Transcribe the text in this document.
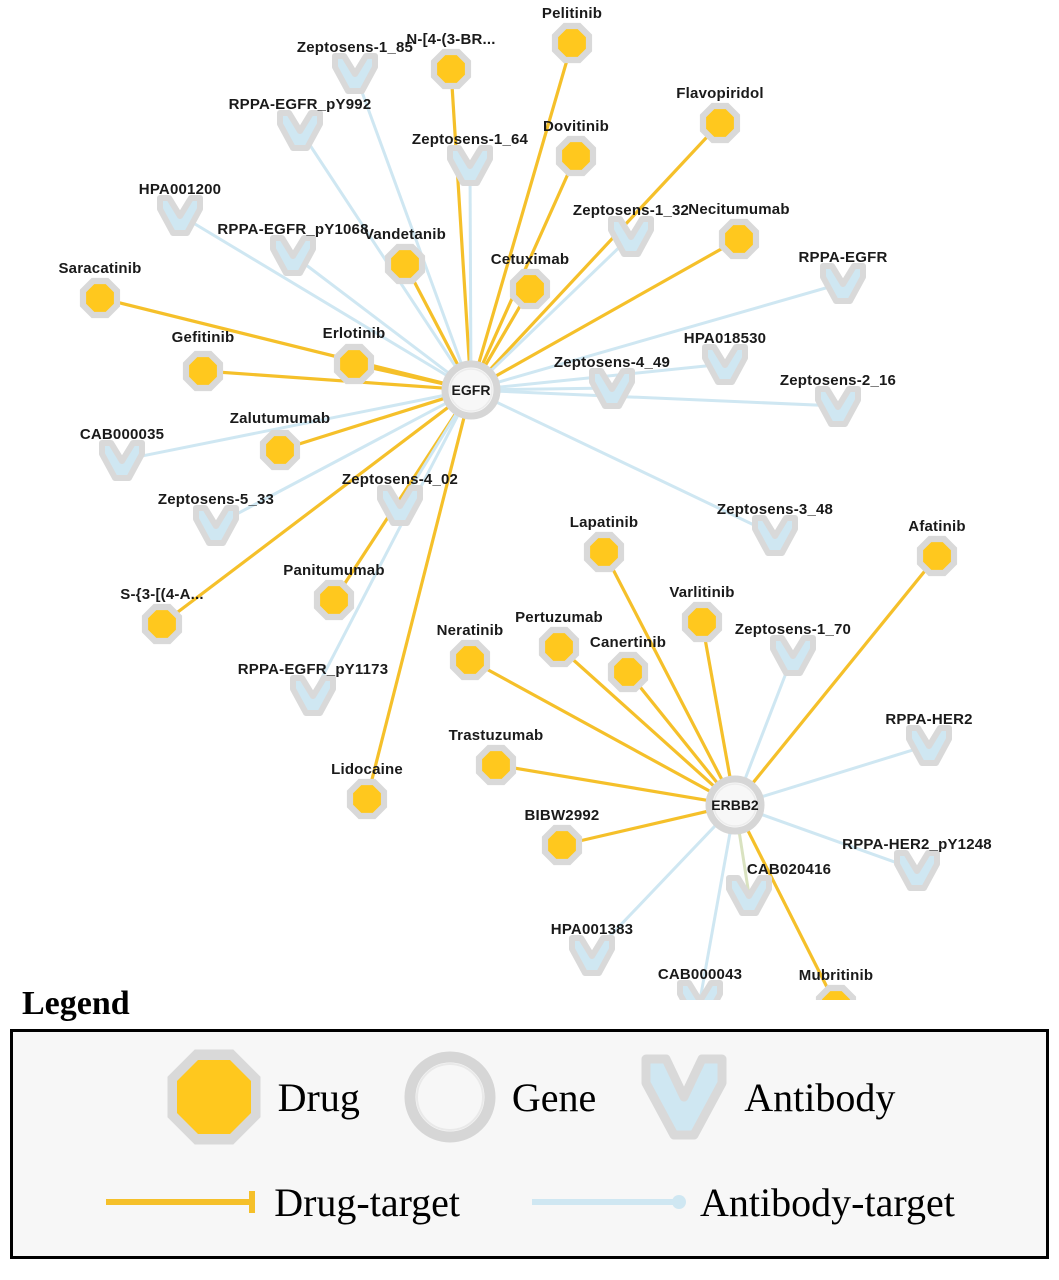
EGFR
ERBB2
Pelitinib
N-[4-(3-BR...
Flavopiridol
Dovitinib
Necitumumab
Vandetanib
Cetuximab
Saracatinib
Gefitinib	Erlotinib
Zalutumumab
Afatinib
Lapatinib
Varlitinib
Panitumumab
S-{3-[(4-A...
Pertuzumab
Neratinib
Canertinib
Trastuzumab
Lidocaine
BIBW2992
Mubritinib
Zeptosens-1_85
RPPA-EGFR_pY992
Zeptosens-1_64
HPA001200
Zeptosens-1_32
RPPA-EGFR_pY1068
RPPA-EGFR
HPA018530
Zeptosens-4_49
Zeptosens-2_16
CAB000035
Zeptosens-4_02
Zeptosens-5_33
Zeptosens-3_48
Zeptosens-1_70
RPPA-EGFR_pY1173
RPPA-HER2
RPPA-HER2_pY1248
CAB020416
HPA001383
CAB000043
Legend
Drug	Gene	Antibody
Drug-target	Antibody-target
